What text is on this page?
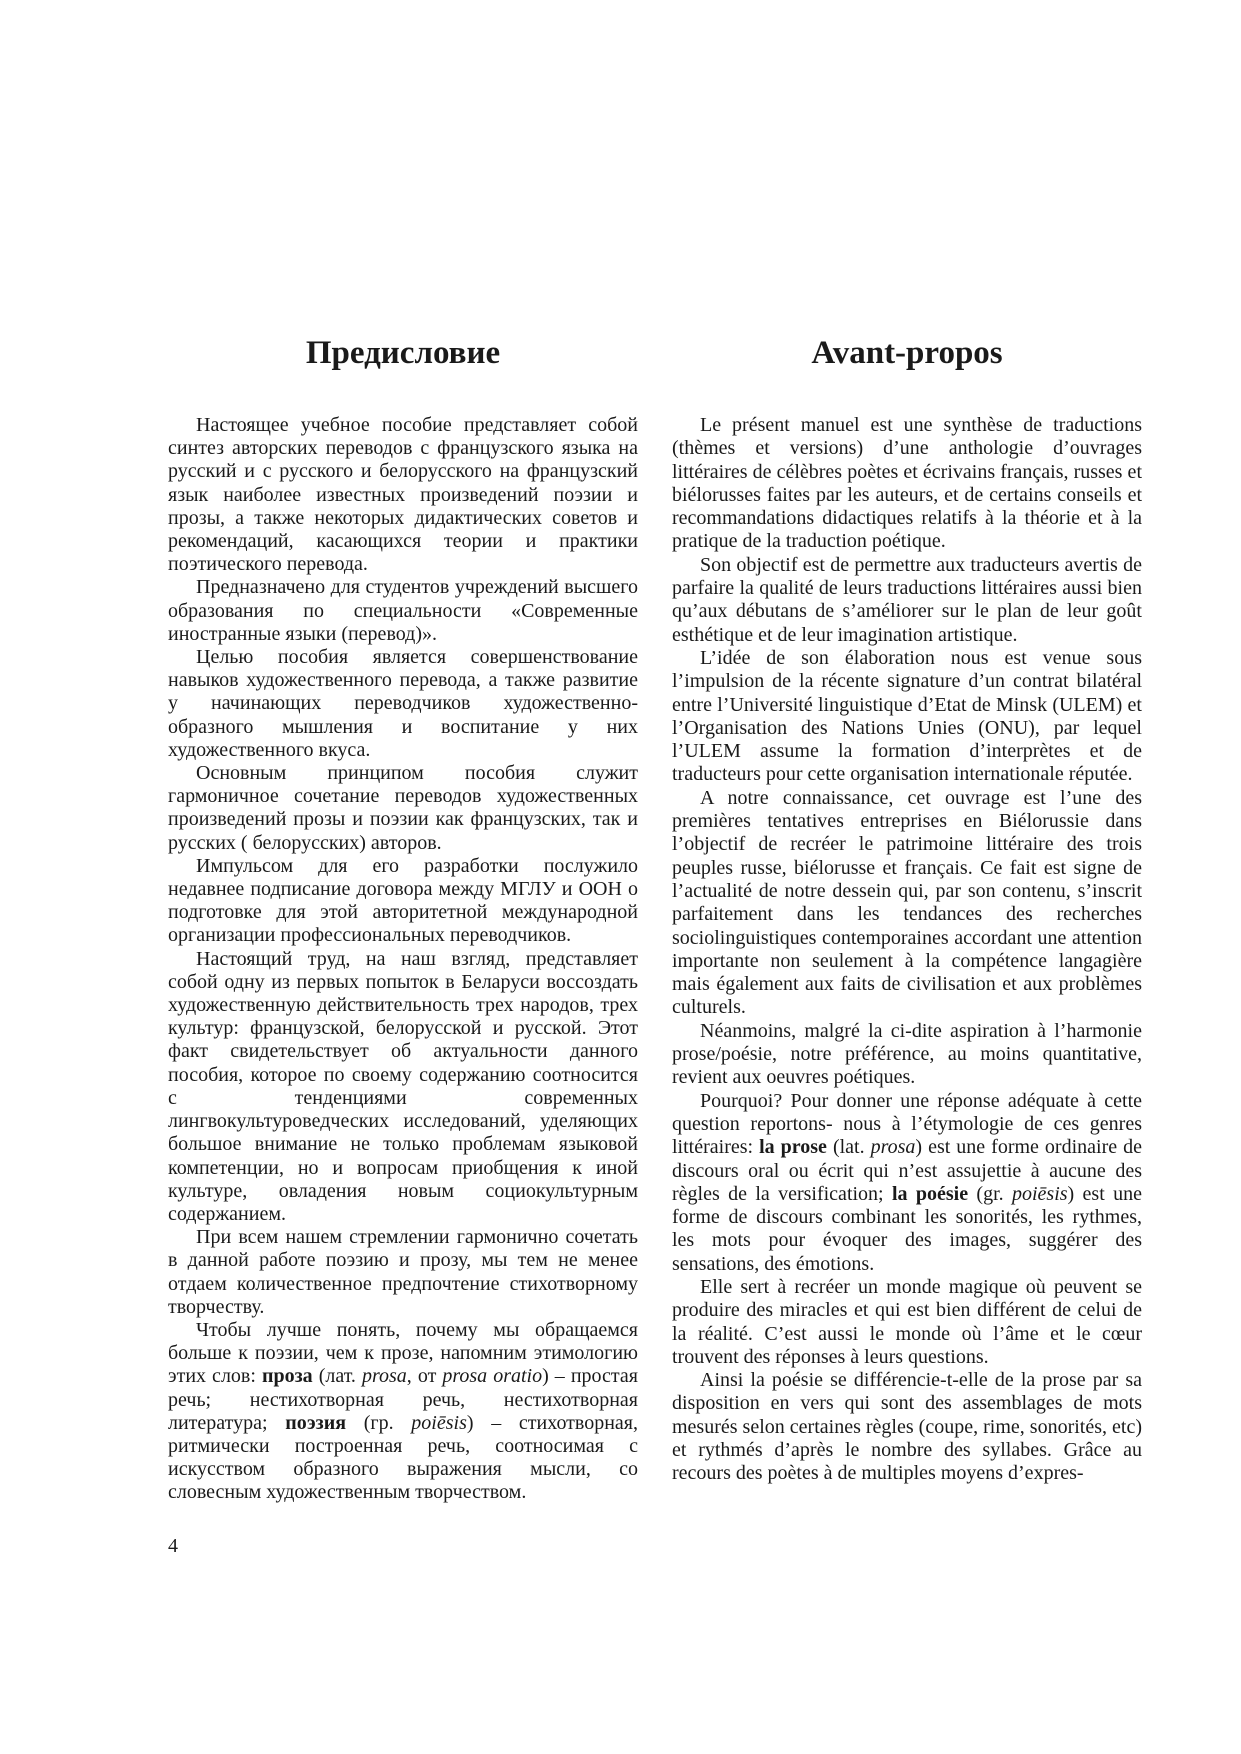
Предисловие

Настоящее учебное пособие представляет собой синтез авторских переводов с французского языка на русский и с русского и белорусского на французский язык наиболее известных произведений поэзии и прозы, а также некоторых дидактических советов и рекомендаций, касающихся теории и практики поэтического перевода.

Предназначено для студентов учреждений высшего образования по специальности «Современные иностранные языки (перевод)».

Целью пособия является совершенствование навыков художественного перевода, а также развитие у начинающих переводчиков художественно-образного мышления и воспитание у них художественного вкуса.

Основным принципом пособия служит гармоничное сочетание переводов художественных произведений прозы и поэзии как французских, так и русских ( белорусских) авторов.

Импульсом для его разработки послужило недавнее подписание договора между МГЛУ и ООН о подготовке для этой авторитетной международной организации профессиональных переводчиков.

Настоящий труд, на наш взгляд, представляет собой одну из первых попыток в Беларуси воссоздать художественную действительность трех народов, трех культур: французской, белорусской и русской. Этот факт свидетельствует об актуальности данного пособия, которое по своему содержанию соотносится с тенденциями современных лингвокультуроведческих исследований, уделяющих большое внимание не только проблемам языковой компетенции, но и вопросам приобщения к иной культуре, овладения новым социокультурным содержанием.

При всем нашем стремлении гармонично сочетать в данной работе поэзию и прозу, мы тем не менее отдаем количественное предпочтение стихотворному творчеству.

Чтобы лучше понять, почему мы обращаемся больше к поэзии, чем к прозе, напомним этимологию этих слов: проза (лат. prosa, от prosa oratio) – простая речь; нестихотворная речь, нестихотворная литература; поэзия (гр. poiēsis) – стихотворная, ритмически построенная речь, соотносимая с искусством образного выражения мысли, со словесным художественным творчеством.

Avant-propos

Le présent manuel est une synthèse de traductions (thèmes et versions) d’une anthologie d’ouvrages littéraires de célèbres poètes et écrivains français, russes et biélorusses faites par les auteurs, et de certains conseils et recommandations didactiques relatifs à la théorie et à la pratique de la traduction poétique.

Son objectif est de permettre aux traducteurs avertis de parfaire la qualité de leurs traductions littéraires aussi bien qu’aux débutans de s’améliorer sur le plan de leur goût esthétique et de leur imagination artistique.

L’idée de son élaboration nous est venue sous l’impulsion de la récente signature d’un contrat bilatéral entre l’Université linguistique d’Etat de Minsk (ULEM) et l’Organisation des Nations Unies (ONU), par lequel l’ULEM assume la formation d’interprètes et de traducteurs pour cette organisation internationale réputée.

A notre connaissance, cet ouvrage est l’une des premières tentatives entreprises en Biélorussie dans l’objectif de recréer le patrimoine littéraire des trois peuples russe, biélorusse et français. Ce fait est signe de l’actualité de notre dessein qui, par son contenu, s’inscrit parfaitement dans les tendances des recherches sociolinguistiques contemporaines accordant une attention importante non seulement à la compétence langagière mais également aux faits de civilisation et aux problèmes culturels.

Néanmoins, malgré la ci-dite aspiration à l’harmonie prose/poésie, notre préférence, au moins quantitative, revient aux oeuvres poétiques.

Pourquoi? Pour donner une réponse adéquate à cette question reportons- nous à l’étymologie de ces genres littéraires: la prose (lat. prosa) est une forme ordinaire de discours oral ou écrit qui n’est assujettie à aucune des règles de la versification; la poésie (gr. poiēsis) est une forme de discours combinant les sonorités, les rythmes, les mots pour évoquer des images, suggérer des sensations, des émotions.

Elle sert à recréer un monde magique où peuvent se produire des miracles et qui est bien différent de celui de la réalité. C’est aussi le monde où l’âme et le cœur trouvent des réponses à leurs questions.

Ainsi la poésie se différencie-t-elle de la prose par sa disposition en vers qui sont des assemblages de mots mesurés selon certaines règles (coupe, rime, sonorités, etc) et rythmés d’après le nombre des syllabes. Grâce au recours des poètes à de multiples moyens d’expres-

4
